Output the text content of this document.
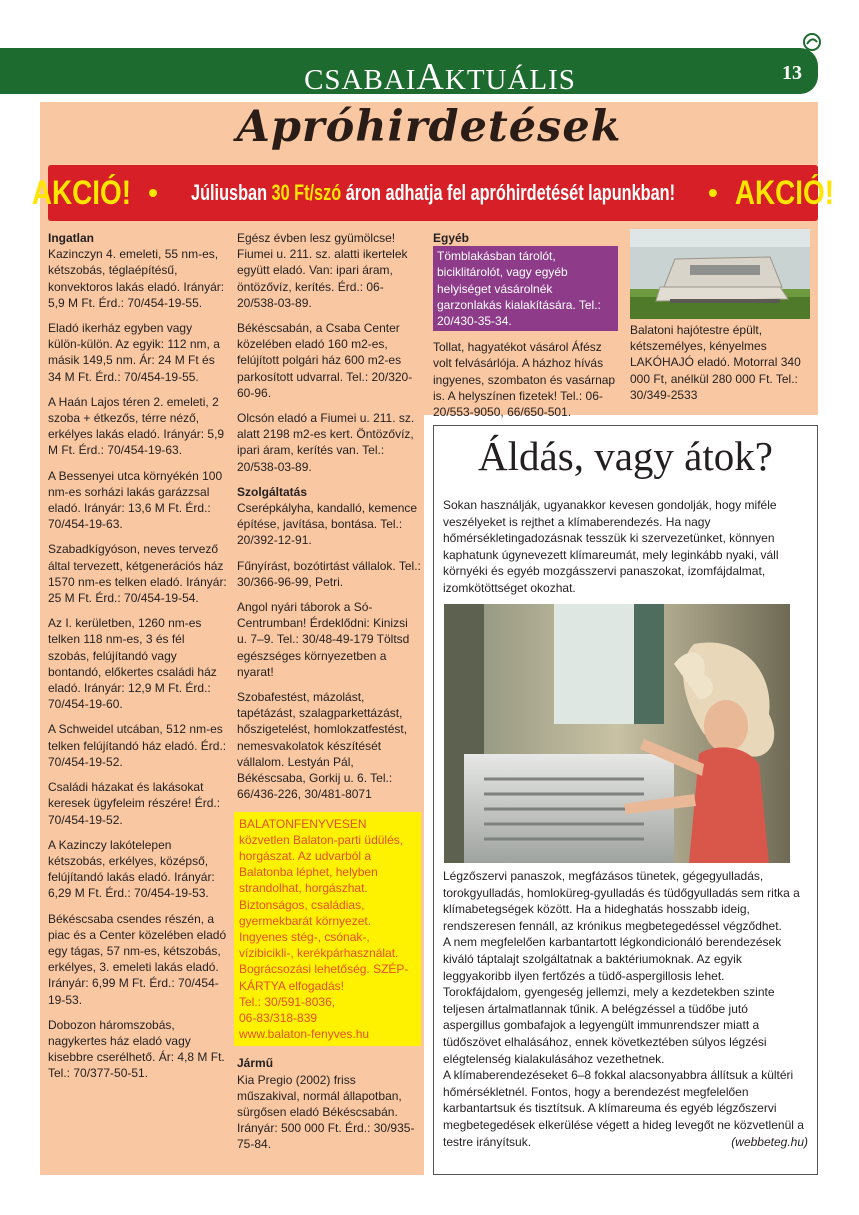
CSABAIAKTUÁLIS	13
Apróhirdetések
AKCIÓ! • Júliusban 30 Ft/szó áron adhatja fel apróhirdetését lapunkban! • AKCIÓ!

Ingatlan

Kazinczyn 4. emeleti, 55 nm-es, kétszobás, téglaépítésű, konvektoros lakás eladó. Irányár: 5,9 M Ft. Érd.: 70/454-19-55.

Eladó ikerház egyben vagy külön-külön. Az egyik: 112 nm, a másik 149,5 nm. Ár: 24 M Ft és 34 M Ft. Érd.: 70/454-19-55.

A Haán Lajos téren 2. emeleti, 2 szoba + étkezős, térre néző, erkélyes lakás eladó. Irányár: 5,9 M Ft. Érd.: 70/454-19-63.

A Bessenyei utca környékén 100 nm-es sorházi lakás garázzsal eladó. Irányár: 13,6 M Ft. Érd.: 70/454-19-63.

Szabadkígyóson, neves tervező által tervezett, kétgenerációs ház 1570 nm-es telken eladó. Irányár: 25 M Ft. Érd.: 70/454-19-54.

Az I. kerületben, 1260 nm-es telken 118 nm-es, 3 és fél szobás, felújítandó vagy bontandó, előkertes családi ház eladó. Irányár: 12,9 M Ft. Érd.: 70/454-19-60.

A Schweidel utcában, 512 nm-es telken felújítandó ház eladó. Érd.: 70/454-19-52.

Családi házakat és lakásokat keresek ügyfeleim részére! Érd.: 70/454-19-52.

A Kazinczy lakótelepen kétszobás, erkélyes, középső, felújítandó lakás eladó. Irányár: 6,29 M Ft. Érd.: 70/454-19-53.

Békéscsaba csendes részén, a piac és a Center közelében eladó egy tágas, 57 nm-es, kétszobás, erkélyes, 3. emeleti lakás eladó. Irányár: 6,99 M Ft. Érd.: 70/454-19-53.

Dobozon háromszobás, nagykertes ház eladó vagy kisebbre cserélhető. Ár: 4,8 M Ft. Tel.: 70/377-50-51.

Egész évben lesz gyümölcse! Fiumei u. 211. sz. alatti ikertelek együtt eladó. Van: ipari áram, öntözővíz, kerítés. Érd.: 06-20/538-03-89.

Békéscsabán, a Csaba Center közelében eladó 160 m2-es, felújított polgári ház 600 m2-es parkosított udvarral. Tel.: 20/320-60-96.

Olcsón eladó a Fiumei u. 211. sz. alatt 2198 m2-es kert. Öntözővíz, ipari áram, kerítés van. Tel.: 20/538-03-89.

Szolgáltatás

Cserépkályha, kandalló, kemence építése, javítása, bontása. Tel.: 20/392-12-91.

Fűnyírást, bozótirtást vállalok. Tel.: 30/366-96-99, Petri.

Angol nyári táborok a Só-Centrumban! Érdeklődni: Kinizsi u. 7–9. Tel.: 30/48-49-179 Töltsd egészséges környezetben a nyarat!

Szobafestést, mázolást, tapétázást, szalagparkettázást, hőszigetelést, homlokzatfestést, nemesvakolatok készítését vállalom. Lestyán Pál, Békéscsaba, Gorkij u. 6. Tel.: 66/436-226, 30/481-8071

BALATONFENYVESEN közvetlen Balaton-parti üdülés, horgászat. Az udvarból a Balatonba léphet, helyben strandolhat, horgászhat. Biztonságos, családias, gyermekbarát környezet. Ingyenes stég-, csónak-, vízibicikli-, kerékpárhasználat. Bográcsozási lehetőség. SZÉP-KÁRTYA elfogadás!
Tel.: 30/591-8036,
06-83/318-839
www.balaton-fenyves.hu

Jármű

Kia Pregio (2002) friss műszakival, normál állapotban, sürgősen eladó Békéscsabán. Irányár: 500 000 Ft. Érd.: 30/935-75-84.

Egyéb

Tömblakásban tárolót, biciklitárolót, vagy egyéb helyiséget vásárolnék garzonlakás kialakítására. Tel.: 20/430-35-34.

Tollat, hagyatékot vásárol Áfész volt felvásárlója. A házhoz hívás ingyenes, szombaton és vasárnap is. A helyszínen fizetek! Tel.: 06-20/553-9050, 66/650-501.

Balatoni hajótestre épült, kétszemélyes, kényelmes LAKÓHAJÓ eladó. Motorral 340 000 Ft, anélkül 280 000 Ft. Tel.: 30/349-2533

Áldás, vagy átok?
Sokan használják, ugyanakkor kevesen gondolják, hogy miféle veszélyeket is rejthet a klímaberendezés. Ha nagy hőmérsékletingadozásnak tesszük ki szervezetünket, könnyen kaphatunk úgynevezett klímareumát, mely leginkább nyaki, váll környéki és egyéb mozgásszervi panaszokat, izomfájdalmat, izomkötöttséget okozhat.

Légzőszervi panaszok, megfázásos tünetek, gégegyulladás, torokgyulladás, homloküreg-gyulladás és tüdőgyulladás sem ritka a klímabetegségek között. Ha a hideghatás hosszabb ideig, rendszeresen fennáll, az krónikus megbetegedéssel végződhet.

A nem megfelelően karbantartott légkondicionáló berendezések kiváló táptalajt szolgáltatnak a baktériumoknak. Az egyik leggyakoribb ilyen fertőzés a tüdő-aspergillosis lehet.

Torokfájdalom, gyengeség jellemzi, mely a kezdetekben szinte teljesen ártalmatlannak tűnik. A belégzéssel a tüdőbe jutó aspergillus gombafajok a legyengült immunrendszer miatt a tüdőszövet elhalásához, ennek következtében súlyos légzési elégtelenség kialakulásához vezethetnek.

A klímaberendezéseket 6–8 fokkal alacsonyabbra állítsuk a kültéri hőmérsékletnél. Fontos, hogy a berendezést megfelelően karbantartsuk és tisztítsuk. A klímareuma és egyéb légzőszervi megbetegedések elkerülése végett a hideg levegőt ne közvetlenül a testre irányítsuk.	(webbeteg.hu)
